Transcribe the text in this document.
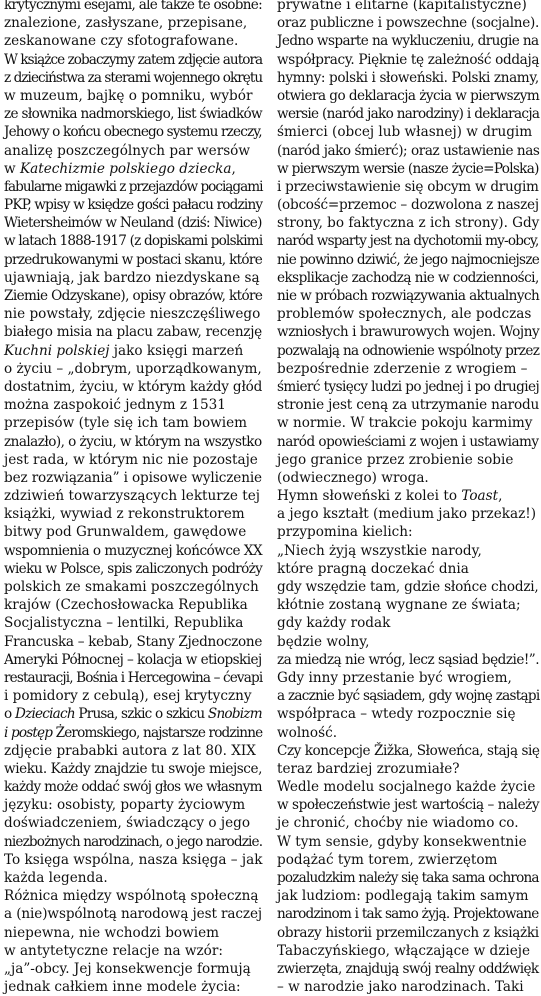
krytycznymi esejami, ale także te osobne:
znalezione, zasłyszane, przepisane,
zeskanowane czy sfotografowane.
W książce zobaczymy zatem zdjęcie autora
z dzieciństwa za sterami wojennego okrętu
w muzeum, bajkę o pomniku, wybór
ze słownika nadmorskiego, list świadków
Jehowy o końcu obecnego systemu rzeczy,
analizę poszczególnych par wersów
w Katechizmie polskiego dziecka,
fabularne migawki z przejazdów pociągami
PKP, wpisy w księdze gości pałacu rodziny
Wietersheimów w Neuland (dziś: Niwice)
w latach 1888-1917 (z dopiskami polskimi
przedrukowanymi w postaci skanu, które
ujawniają, jak bardzo niezdyskane są
Ziemie Odzyskane), opisy obrazów, które
nie powstały, zdjęcie nieszczęśliwego
białego misia na placu zabaw, recenzję
Kuchni polskiej jako księgi marzeń
o życiu – „dobrym, uporządkowanym,
dostatnim, życiu, w którym każdy głód
można zaspokoić jednym z 1531
przepisów (tyle się ich tam bowiem
znalazło), o życiu, w którym na wszystko
jest rada, w którym nic nie pozostaje
bez rozwiązania” i opisowe wyliczenie
zdziwień towarzyszących lekturze tej
książki, wywiad z rekonstruktorem
bitwy pod Grunwaldem, gawędowe
wspomnienia o muzycznej końcówce XX
wieku w Polsce, spis zaliczonych podróży
polskich ze smakami poszczególnych
krajów (Czechosłowacka Republika
Socjalistyczna – lentilki, Republika
Francuska – kebab, Stany Zjednoczone
Ameryki Północnej – kolacja w etiopskiej
restauracji, Bośnia i Hercegowina – ćevapi
i pomidory z cebulą), esej krytyczny
o Dzieciach Prusa, szkic o szkicu Snobizm
i postęp Żeromskiego, najstarsze rodzinne
zdjęcie prababki autora z lat 80. XIX
wieku. Każdy znajdzie tu swoje miejsce,
każdy może oddać swój głos we własnym
języku: osobisty, poparty życiowym
doświadczeniem, świadczący o jego
niezbożnych narodzinach, o jego narodzie.
To księga wspólna, nasza księga – jak
każda legenda.
Różnica między wspólnotą społeczną
a (nie)wspólnotą narodową jest raczej
niepewna, nie wchodzi bowiem
w antytetyczne relacje na wzór:
„ja”-obcy. Jej konsekwencje formują
jednak całkiem inne modele życia:
prywatne i elitarne (kapitalistyczne)
oraz publiczne i powszechne (socjalne).
Jedno wsparte na wykluczeniu, drugie na
współpracy. Pięknie tę zależność oddają
hymny: polski i słoweński. Polski znamy,
otwiera go deklaracja życia w pierwszym
wersie (naród jako narodziny) i deklaracja
śmierci (obcej lub własnej) w drugim
(naród jako śmierć); oraz ustawienie nas
w pierwszym wersie (nasze życie=Polska)
i przeciwstawienie się obcym w drugim
(obcość=przemoc – dozwolona z naszej
strony, bo faktyczna z ich strony). Gdy
naród wsparty jest na dychotomii my-obcy,
nie powinno dziwić, że jego najmocniejsze
eksplikacje zachodzą nie w codzienności,
nie w próbach rozwiązywania aktualnych
problemów społecznych, ale podczas
wzniosłych i brawurowych wojen. Wojny
pozwalają na odnowienie wspólnoty przez
bezpośrednie zderzenie z wrogiem –
śmierć tysięcy ludzi po jednej i po drugiej
stronie jest ceną za utrzymanie narodu
w normie. W trakcie pokoju karmimy
naród opowieściami z wojen i ustawiamy
jego granice przez zrobienie sobie
(odwiecznego) wroga.
Hymn słoweński z kolei to Toast,
a jego kształt (medium jako przekaz!)
przypomina kielich:
„Niech żyją wszystkie narody,
które pragną doczekać dnia
gdy wszędzie tam, gdzie słońce chodzi,
kłótnie zostaną wygnane ze świata;
gdy każdy rodak
będzie wolny,
za miedzą nie wróg, lecz sąsiad będzie!”.
Gdy inny przestanie być wrogiem,
a zacznie być sąsiadem, gdy wojnę zastąpi
współpraca – wtedy rozpocznie się
wolność.
Czy koncepcje Žižka, Słoweńca, stają się
teraz bardziej zrozumiałe?
Wedle modelu socjalnego każde życie
w społeczeństwie jest wartością – należy
je chronić, choćby nie wiadomo co.
W tym sensie, gdyby konsekwentnie
podążać tym torem, zwierzętom
pozaludzkim należy się taka sama ochrona
jak ludziom: podlegają takim samym
narodzinom i tak samo żyją. Projektowane
obrazy historii przemilczanych z książki
Tabaczyńskiego, włączające w dzieje
zwierzęta, znajdują swój realny oddźwięk
– w narodzie jako narodzinach. Taki
